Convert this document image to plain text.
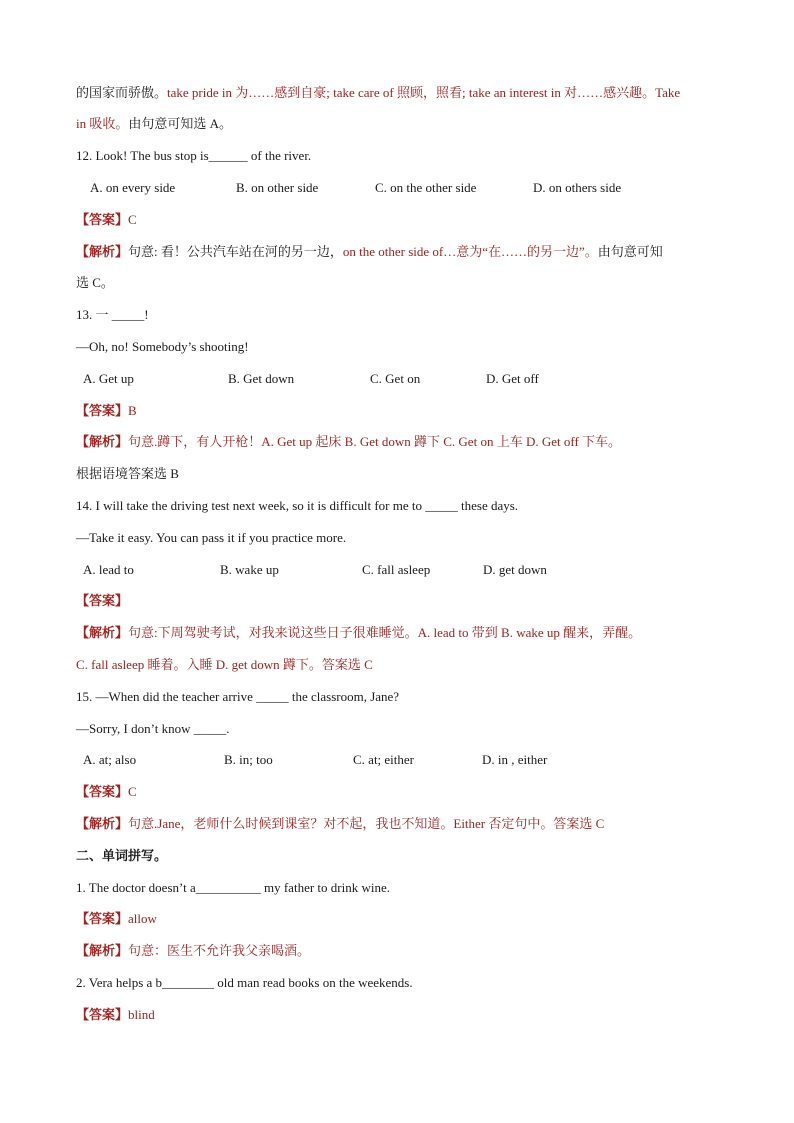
的国家而骄傲。take pride in 为……感到自豪; take care of 照顾，照看; take an interest in 对……感兴趣。Take
in 吸收。由句意可知选 A。
12. Look! The bus stop is______ of the river.
A. on every side	B. on other side	C. on the other side	D. on others side
【答案】C
【解析】句意: 看！公共汽车站在河的另一边，on the other side of…意为“在……的另一边”。由句意可知
选 C。
13. 一 _____!
—Oh, no! Somebody’s shooting!
A. Get up	B. Get down	C. Get on	D. Get off
【答案】B
【解析】句意.蹲下，有人开枪！A. Get up 起床 B. Get down 蹲下 C. Get on 上车 D. Get off 下车。
根据语境答案选 B
14. I will take the driving test next week, so it is difficult for me to _____ these days.
—Take it easy. You can pass it if you practice more.
A. lead to	B. wake up	C. fall asleep	D. get down
【答案】
【解析】句意:下周驾驶考试，对我来说这些日子很难睡觉。A. lead to 带到 B. wake up 醒来，弄醒。
C. fall asleep 睡着。入睡 D. get down 蹲下。答案选 C
15. —When did the teacher arrive _____ the classroom, Jane?
—Sorry, I don’t know _____.
A. at; also	B. in; too	C. at; either	D. in , either
【答案】C
【解析】句意.Jane，老师什么时候到课室？对不起，我也不知道。Either 否定句中。答案选 C
二、单词拼写。
1. The doctor doesn’t a__________ my father to drink wine.
【答案】allow
【解析】句意：医生不允许我父亲喝酒。
2. Vera helps a b________ old man read books on the weekends.
【答案】blind
